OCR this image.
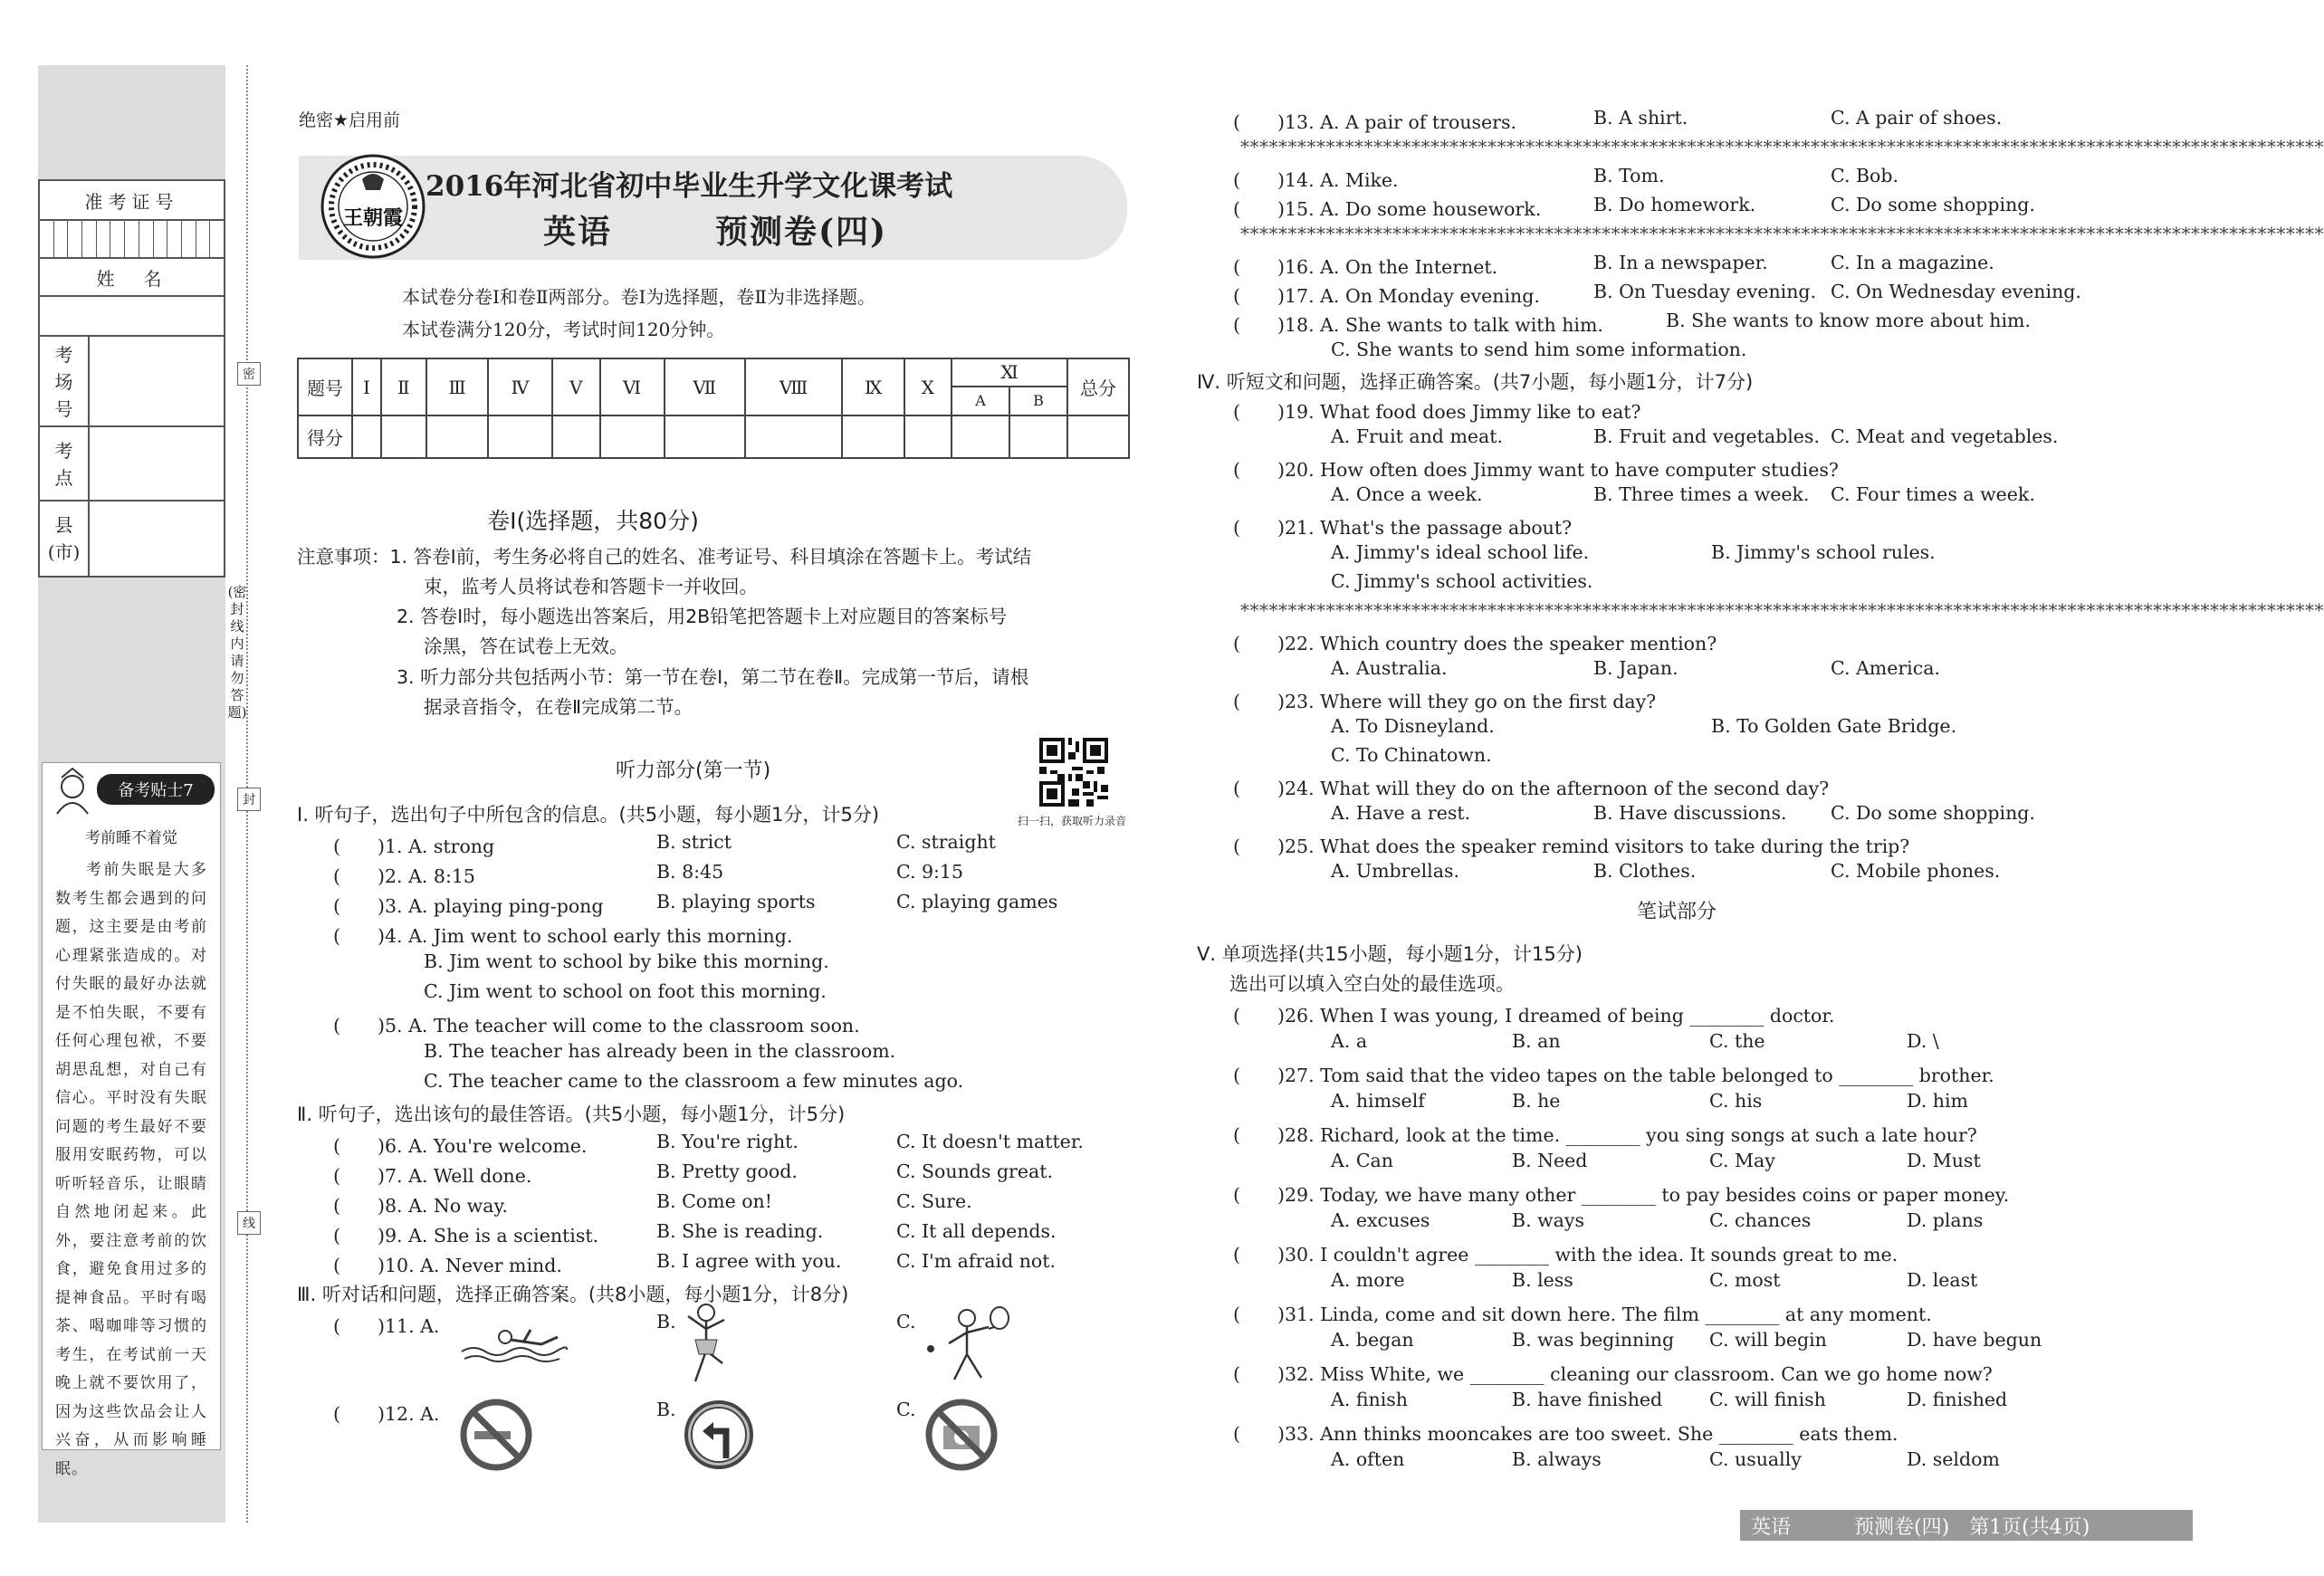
准考证号
姓　名
考
场
号
考
点
县
(市)
备考贴士7
考前睡不着觉
考前失眠是大多数考生都会遇到的问题，这主要是由考前心理紧张造成的。对付失眠的最好办法就是不怕失眠，不要有任何心理包袱，不要胡思乱想，对自己有信心。平时没有失眠问题的考生最好不要服用安眠药物，可以听听轻音乐，让眼睛自然地闭起来。此外，要注意考前的饮食，避免食用过多的提神食品。平时有喝茶、喝咖啡等习惯的考生，在考试前一天晚上就不要饮用了，因为这些饮品会让人兴奋，从而影响睡眠。
密
封
线
(密封线内请勿答题)
绝密★启用前
王朝霞
2016年河北省初中毕业生升学文化课考试
英语　　　预测卷(四)
本试卷分卷Ⅰ和卷Ⅱ两部分。卷Ⅰ为选择题，卷Ⅱ为非选择题。
本试卷满分120分，考试时间120分钟。
题号	Ⅰ	Ⅱ	Ⅲ	Ⅳ	Ⅴ	Ⅵ	Ⅶ	Ⅷ	Ⅸ	Ⅹ	Ⅺ		总分
											A	B	
得分													
卷Ⅰ(选择题，共80分)
注意事项：1. 答卷Ⅰ前，考生务必将自己的姓名、准考证号、科目填涂在答题卡上。考试结
束，监考人员将试卷和答题卡一并收回。
2. 答卷Ⅰ时，每小题选出答案后，用2B铅笔把答题卡上对应题目的答案标号
涂黑，答在试卷上无效。
3. 听力部分共包括两小节：第一节在卷Ⅰ，第二节在卷Ⅱ。完成第一节后，请根
据录音指令，在卷Ⅱ完成第二节。
听力部分(第一节)
扫一扫，获取听力录音
Ⅰ. 听句子，选出句子中所包含的信息。(共5小题，每小题1分，计5分)
(　　)1. A. strong	B. strict	C. straight
(　　)2. A. 8:15	B. 8:45	C. 9:15
(　　)3. A. playing ping-pong	B. playing sports	C. playing games
(　　)4. A. Jim went to school early this morning.
B. Jim went to school by bike this morning.
C. Jim went to school on foot this morning.
(　　)5. A. The teacher will come to the classroom soon.
B. The teacher has already been in the classroom.
C. The teacher came to the classroom a few minutes ago.
Ⅱ. 听句子，选出该句的最佳答语。(共5小题，每小题1分，计5分)
(　　)6. A. You're welcome.	B. You're right.	C. It doesn't matter.
(　　)7. A. Well done.	B. Pretty good.	C. Sounds great.
(　　)8. A. No way.	B. Come on!	C. Sure.
(　　)9. A. She is a scientist.	B. She is reading.	C. It all depends.
(　　)10. A. Never mind.	B. I agree with you.	C. I'm afraid not.
Ⅲ. 听对话和问题，选择正确答案。(共8小题，每小题1分，计8分)
(　　)11. A.	B.	C.
(　　)12. A.	B.	C.
(　　)13. A. A pair of trousers.	B. A shirt.	C. A pair of shoes.
******************************************************************************************************************
(　　)14. A. Mike.	B. Tom.	C. Bob.
(　　)15. A. Do some housework.	B. Do homework.	C. Do some shopping.
******************************************************************************************************************
(　　)16. A. On the Internet.	B. In a newspaper.	C. In a magazine.
(　　)17. A. On Monday evening.	B. On Tuesday evening. C. On Wednesday evening.
(　　)18. A. She wants to talk with him.	B. She wants to know more about him.
C. She wants to send him some information.
Ⅳ. 听短文和问题，选择正确答案。(共7小题，每小题1分，计7分)
(　　)19. What food does Jimmy like to eat?
A. Fruit and meat.	B. Fruit and vegetables. C. Meat and vegetables.
(　　)20. How often does Jimmy want to have computer studies?
A. Once a week.	B. Three times a week. C. Four times a week.
(　　)21. What's the passage about?
A. Jimmy's ideal school life.	B. Jimmy's school rules.
C. Jimmy's school activities.
******************************************************************************************************************
(　　)22. Which country does the speaker mention?
A. Australia.	B. Japan.	C. America.
(　　)23. Where will they go on the first day?
A. To Disneyland.	B. To Golden Gate Bridge.
C. To Chinatown.
(　　)24. What will they do on the afternoon of the second day?
A. Have a rest.	B. Have discussions. C. Do some shopping.
(　　)25. What does the speaker remind visitors to take during the trip?
A. Umbrellas.	B. Clothes.	C. Mobile phones.
笔试部分
Ⅴ. 单项选择(共15小题，每小题1分，计15分)
选出可以填入空白处的最佳选项。
(　　)26. When I was young, I dreamed of being ________ doctor.
A. a	B. an	C. the	D. \
(　　)27. Tom said that the video tapes on the table belonged to ________ brother.
A. himself	B. he	C. his	D. him
(　　)28. Richard, look at the time. ________ you sing songs at such a late hour?
A. Can	B. Need	C. May	D. Must
(　　)29. Today, we have many other ________ to pay besides coins or paper money.
A. excuses	B. ways	C. chances	D. plans
(　　)30. I couldn't agree ________ with the idea. It sounds great to me.
A. more	B. less	C. most	D. least
(　　)31. Linda, come and sit down here. The film ________ at any moment.
A. began	B. was beginning C. will begin	D. have begun
(　　)32. Miss White, we ________ cleaning our classroom. Can we go home now?
A. finish	B. have finished	C. will finish	D. finished
(　　)33. Ann thinks mooncakes are too sweet. She ________ eats them.
A. often	B. always	C. usually	D. seldom
英语	预测卷(四) 第1页(共4页)
